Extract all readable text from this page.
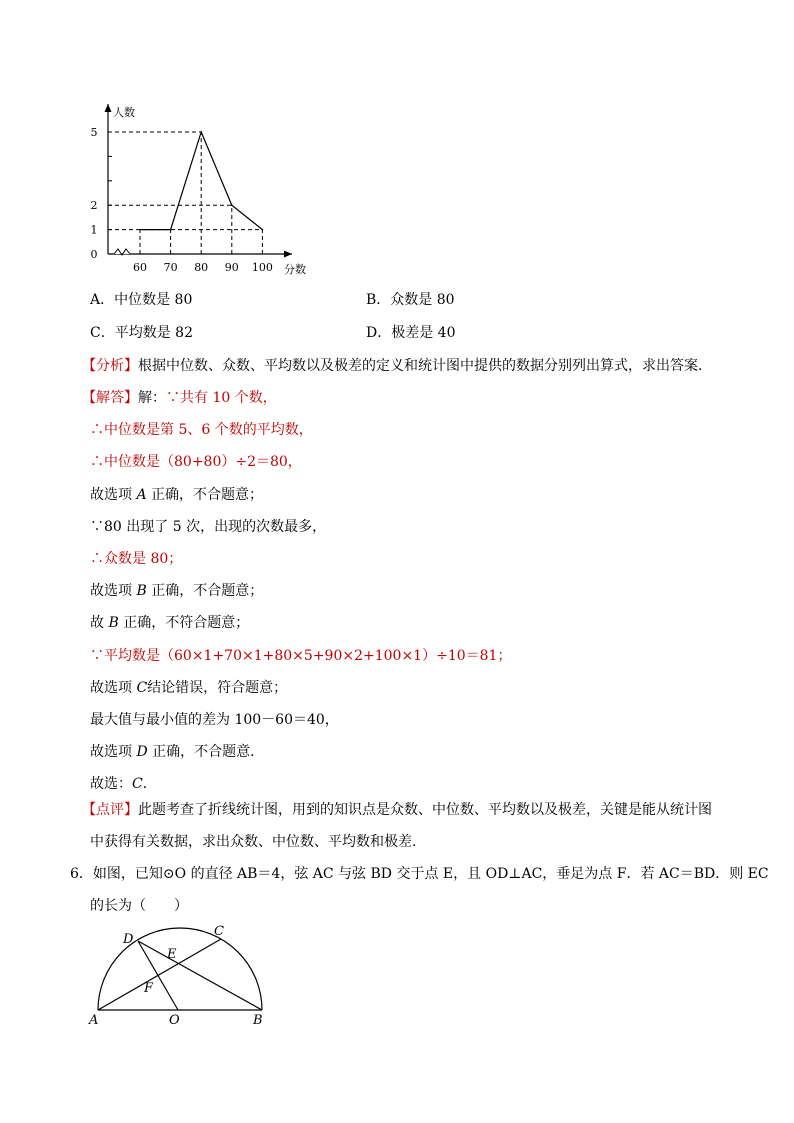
60 70 80 90 100
1
2
5
0
人数
分数
A．中位数是 80	B．众数是 80
C．平均数是 82	D．极差是 40
【分析】根据中位数、众数、平均数以及极差的定义和统计图中提供的数据分别列出算式，求出答案．
【解答】解：∵共有 10 个数，
∴中位数是第 5、6 个数的平均数，
∴中位数是（80+80）÷2＝80，
故选项 A 正确，不合题意；
∵80 出现了 5 次，出现的次数最多，
∴众数是 80；
故选项 B 正确，不合题意；
故 B 正确，不符合题意；
∵平均数是（60×1+70×1+80×5+90×2+100×1）÷10＝81；
故选项 C结论错误，符合题意；
最大值与最小值的差为 100－60＝40，
故选项 D 正确，不合题意．
故选：C．
【点评】此题考查了折线统计图，用到的知识点是众数、中位数、平均数以及极差，关键是能从统计图
中获得有关数据，求出众数、中位数、平均数和极差．
6．如图，已知⊙O 的直径 AB＝4，弦 AC 与弦 BD 交于点 E，且 OD⊥AC，垂足为点 F．若 AC＝BD．则 EC
的长为（　　）
A	B
O
D
C
E
F
